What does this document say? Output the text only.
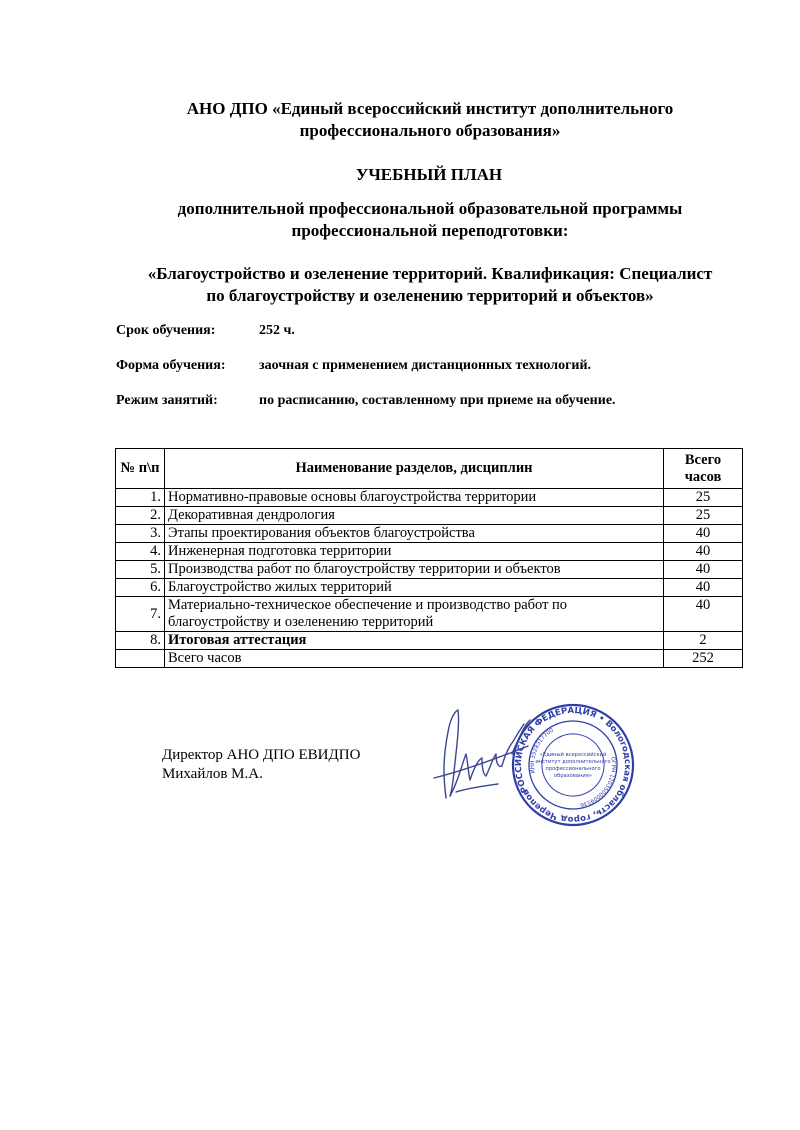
АНО ДПО «Единый всероссийский институт дополнительного
профессионального образования»
УЧЕБНЫЙ ПЛАН
дополнительной профессиональной образовательной программы
профессиональной переподготовки:
«Благоустройство и озеленение территорий. Квалификация: Специалист
по благоустройству и озеленению территорий и объектов»
Срок обучения:	252 ч.
Форма обучения: заочная с применением дистанционных технологий.
Режим занятий:	по расписанию, составленному при приеме на обучение.
№ п\п	Наименование разделов, дисциплин	Всего
часов

1.	Нормативно-правовые основы благоустройства территории	25
2.	Декоративная дендрология	25
3.	Этапы проектирования объектов благоустройства	40
4.	Инженерная подготовка территории	40
5.	Производства работ по благоустройству территории и объектов	40
6.	Благоустройство жилых территорий	40
7.	Материально-техническое обеспечение и производство работ по
благоустройству и озеленению территорий	40
8.	Итоговая аттестация	2
	Всего часов	252
Директор АНО ДПО ЕВИДПО
Михайлов М.А.
РОССИЙСКАЯ ФЕДЕРАЦИЯ • Вологодская область, город Череповец
ИНН 3528317700
ОГРН 1203500009536
«Единый всероссийский
институт дополнительного
профессионального
образования»
